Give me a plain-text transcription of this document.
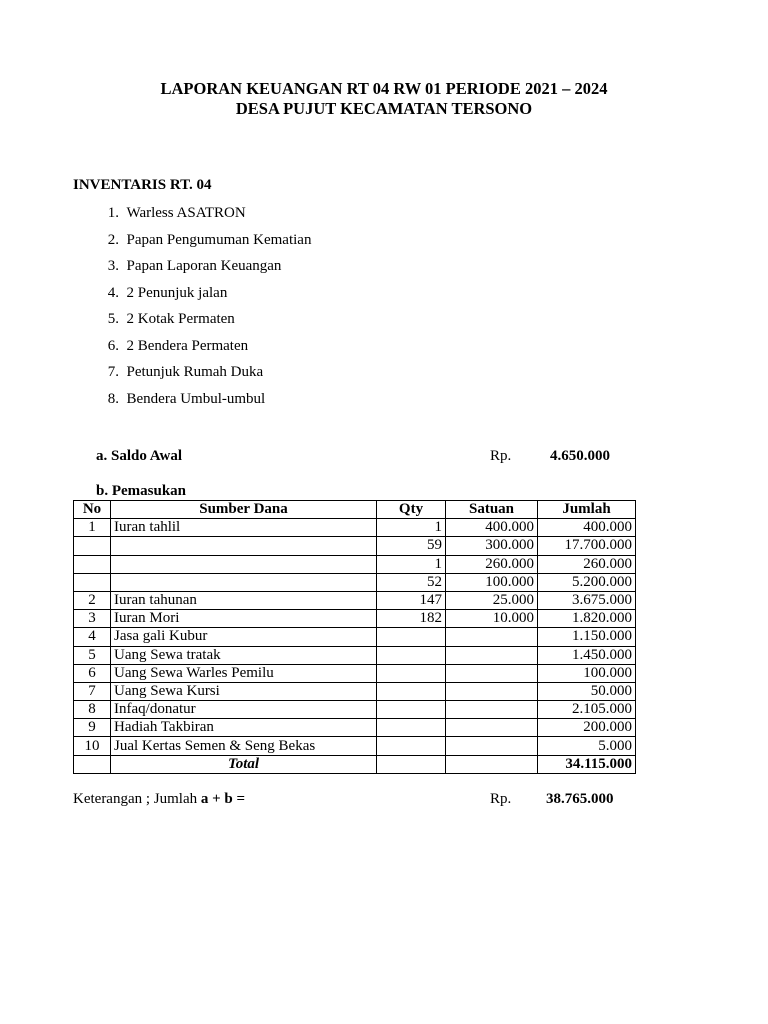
LAPORAN KEUANGAN RT 04 RW 01 PERIODE 2021 – 2024
DESA PUJUT KECAMATAN TERSONO
INVENTARIS RT. 04
1.
Warless ASATRON
2.
Papan Pengumuman Kematian
3.
Papan Laporan Keuangan
4.
2 Penunjuk jalan
5.
2 Kotak Permaten
6.
2 Bendera Permaten
7.
Petunjuk Rumah Duka
8.
Bendera Umbul-umbul
a. Saldo Awal	Rp.	4.650.000
b. Pemasukan
No	Sumber Dana	Qty	Satuan	Jumlah
1	Iuran tahlil	1	400.000	400.000
		59	300.000	17.700.000
		1	260.000	260.000
		52	100.000	5.200.000
2	Iuran tahunan	147	25.000	3.675.000
3	Iuran Mori	182	10.000	1.820.000
4	Jasa gali Kubur			1.150.000
5	Uang Sewa tratak			1.450.000
6	Uang Sewa Warles Pemilu			100.000
7	Uang Sewa Kursi			50.000
8	Infaq/donatur			2.105.000
9	Hadiah Takbiran			200.000
10	Jual Kertas Semen & Seng Bekas			5.000
	Total			34.115.000
Keterangan ; Jumlah a + b =	Rp. 38.765.000
